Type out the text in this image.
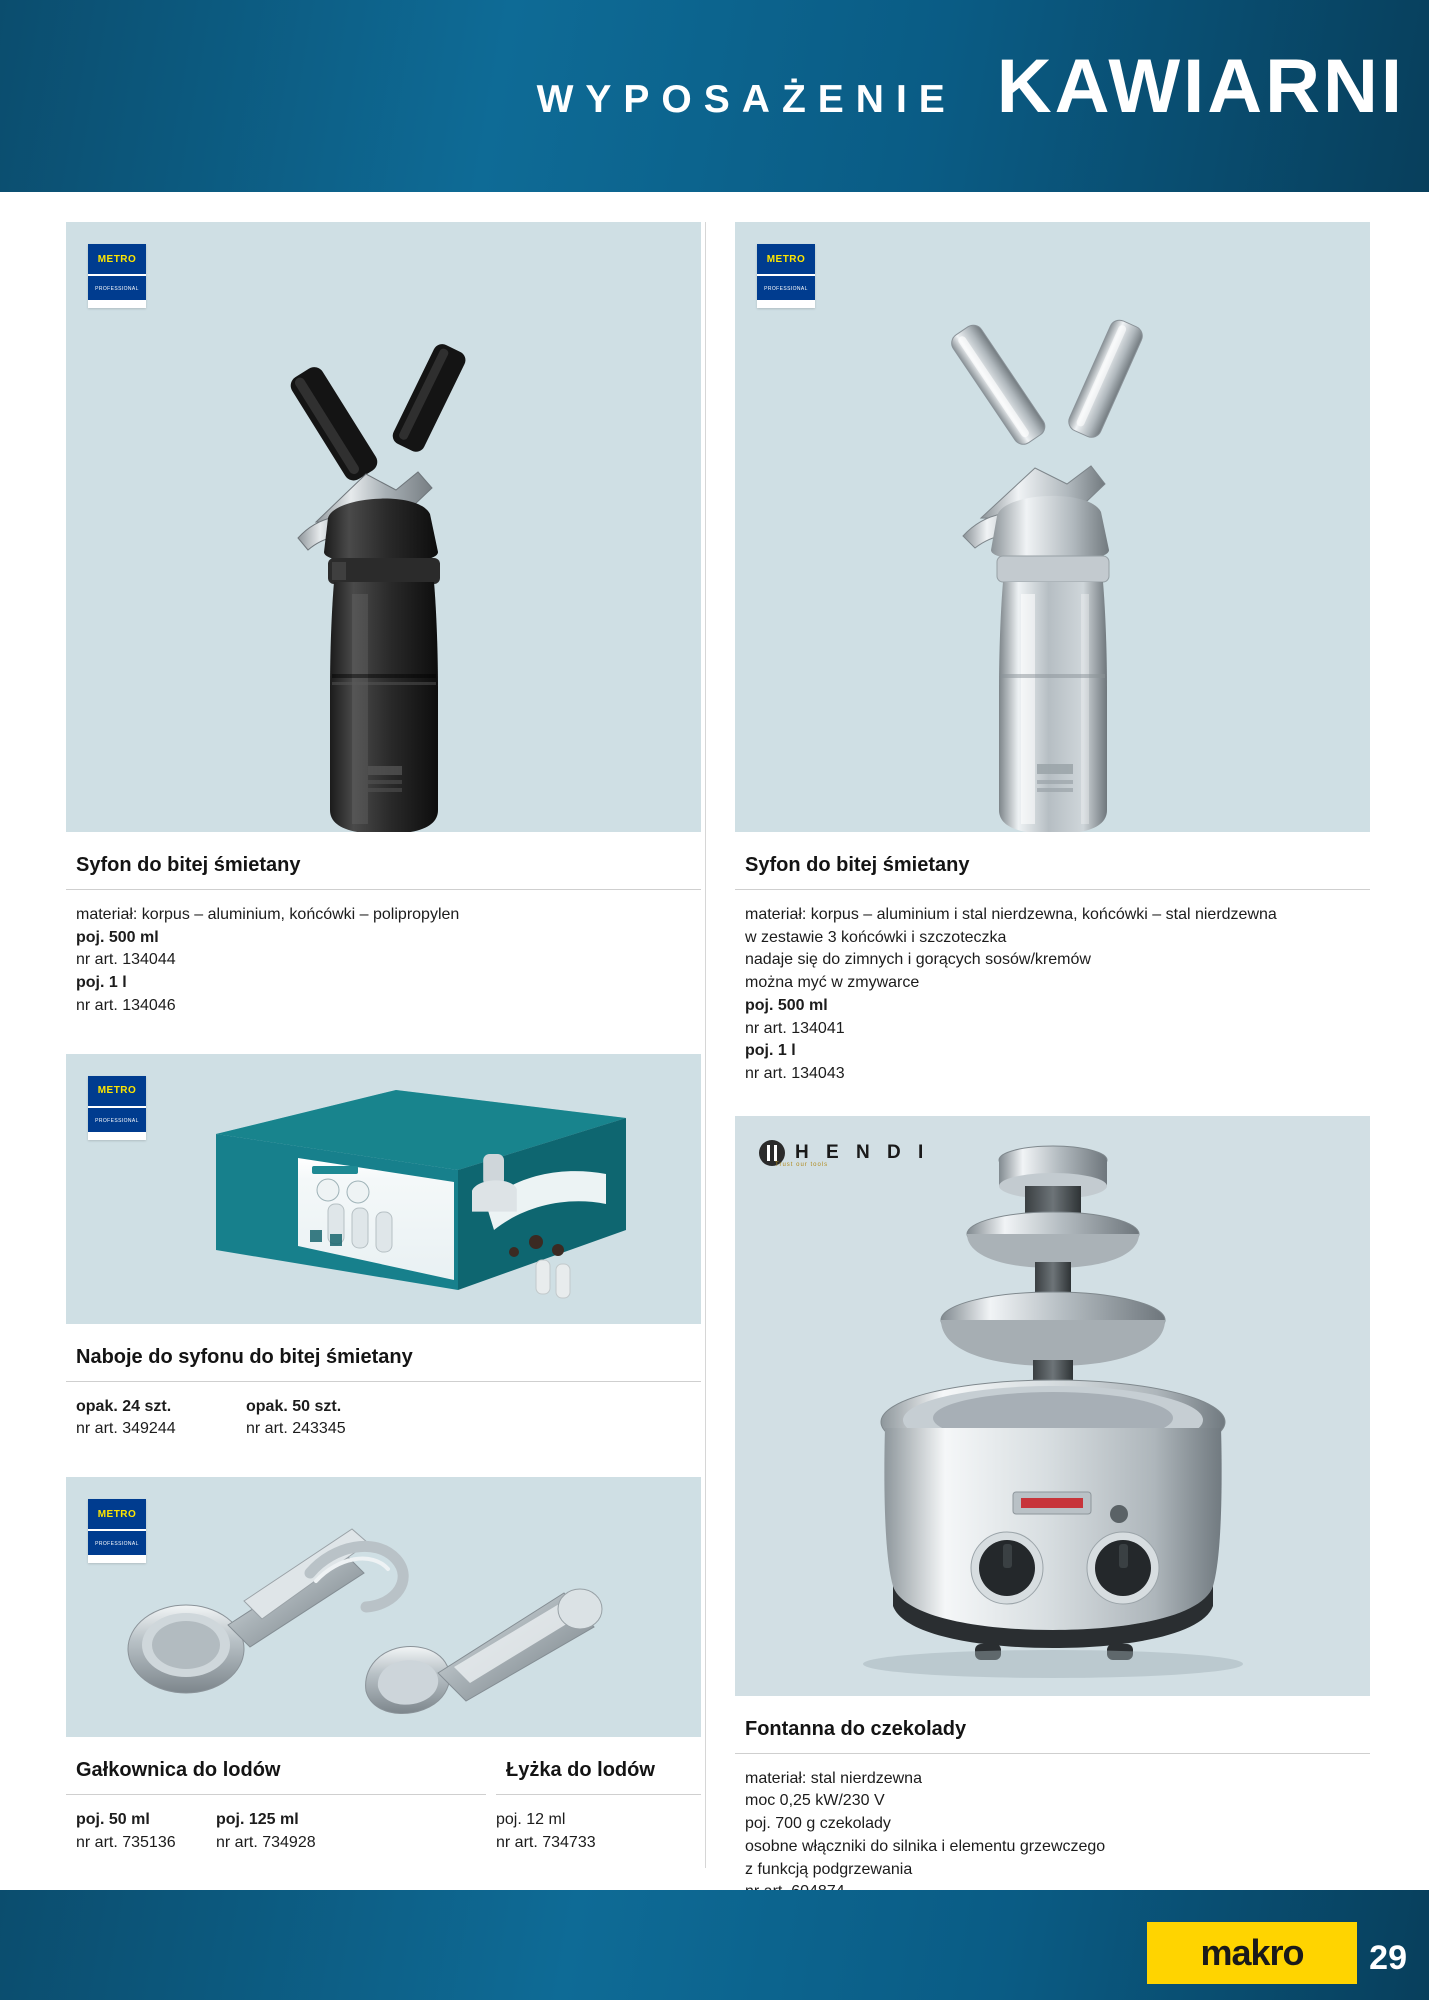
WYPOSAŻENIE KAWIARNI
METRO
PROFESSIONAL
Syfon do bitej śmietany
materiał: korpus – aluminium, końcówki – polipropylen
poj. 500 ml
nr art. 134044
poj. 1 l
nr art. 134046
METRO
PROFESSIONAL
Naboje do syfonu do bitej śmietany
opak. 24 szt.
nr art. 349244
opak. 50 szt.
nr art. 243345
METRO
PROFESSIONAL
Gałkownica do lodów	Łyżka do lodów
poj. 50 ml
nr art. 735136
poj. 125 ml
nr art. 734928
poj. 12 ml
nr art. 734733
METRO
PROFESSIONAL
Syfon do bitej śmietany
materiał: korpus – aluminium i stal nierdzewna, końcówki – stal nierdzewna
w zestawie 3 końcówki i szczoteczka
nadaje się do zimnych i gorących sosów/kremów
można myć w zmywarce
poj. 500 ml
nr art. 134041
poj. 1 l
nr art. 134043
H E N D I
Trust our tools
Fontanna do czekolady
materiał: stal nierdzewna
moc 0,25 kW/230 V
poj. 700 g czekolady
osobne włączniki do silnika i elementu grzewczego
z funkcją podgrzewania
makro 29
